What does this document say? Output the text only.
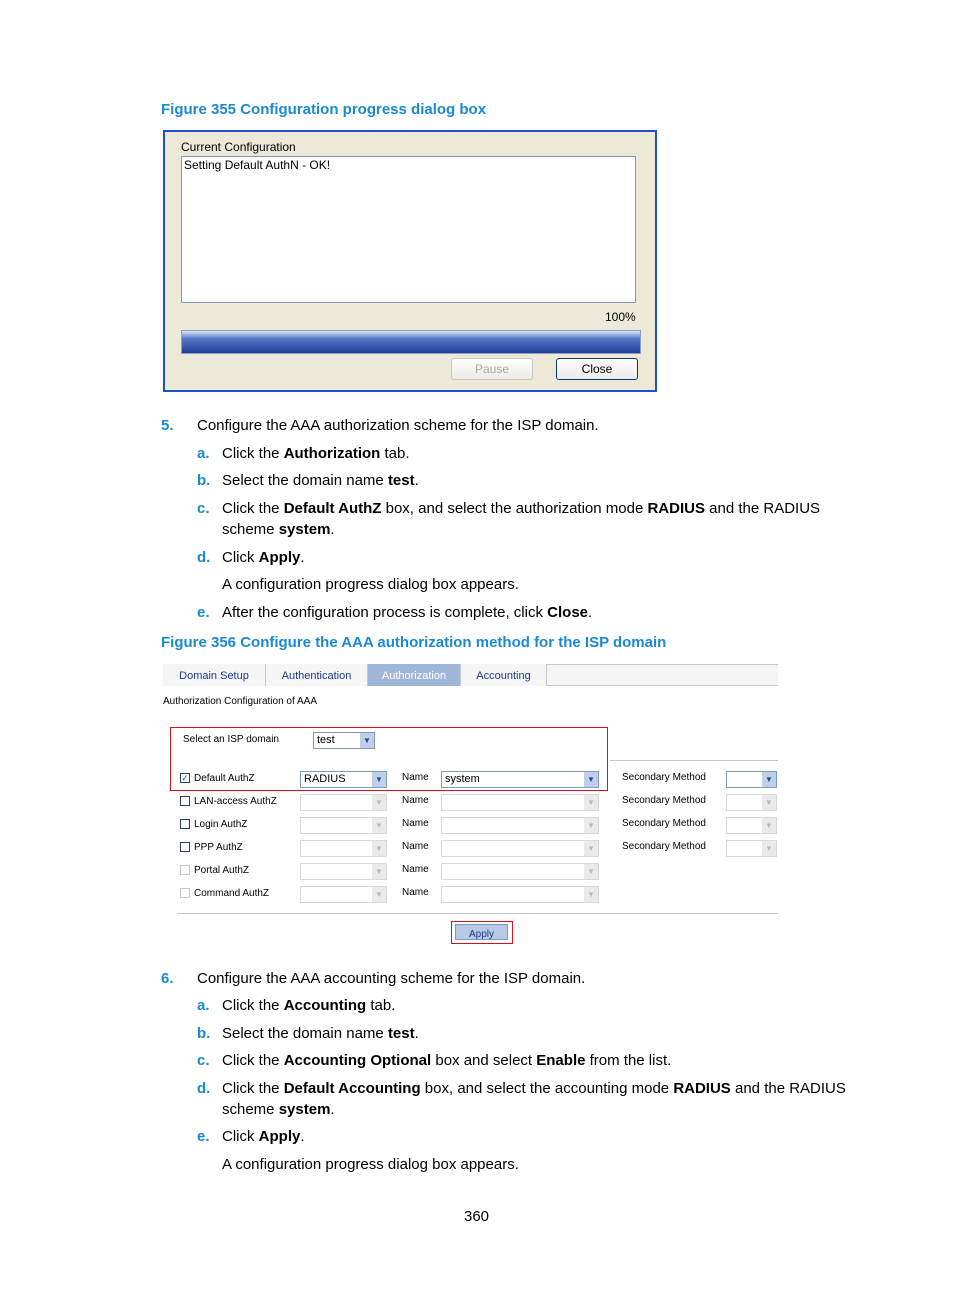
Figure 355 Configuration progress dialog box
Current Configuration
Setting Default AuthN - OK!
100%
Pause	Close
5. Configure the AAA authorization scheme for the ISP domain.
a. Click the Authorization tab.
b. Select the domain name test.
c. Click the Default AuthZ box, and select the authorization mode RADIUS and the RADIUS
scheme system.
d. Click Apply.
A configuration progress dialog box appears.
e. After the configuration process is complete, click Close.
Figure 356 Configure the AAA authorization method for the ISP domain
Domain Setup	Authentication	Authorization	Accounting
Authorization Configuration of AAA
Select an ISP domain	test	▼
✓ Default AuthZ	RADIUS	▼	Name	system	▼	Secondary Method	▼
LAN-access AuthZ	▼	Name	▼	Secondary Method	▼
Login AuthZ	▼	Name	▼	Secondary Method	▼
PPP AuthZ	▼	Name	▼	Secondary Method	▼
Portal AuthZ	▼	Name	▼
Command AuthZ	▼	Name	▼
Apply
6. Configure the AAA accounting scheme for the ISP domain.
a. Click the Accounting tab.
b. Select the domain name test.
c. Click the Accounting Optional box and select Enable from the list.
d. Click the Default Accounting box, and select the accounting mode RADIUS and the RADIUS
scheme system.
e. Click Apply.
A configuration progress dialog box appears.
360
